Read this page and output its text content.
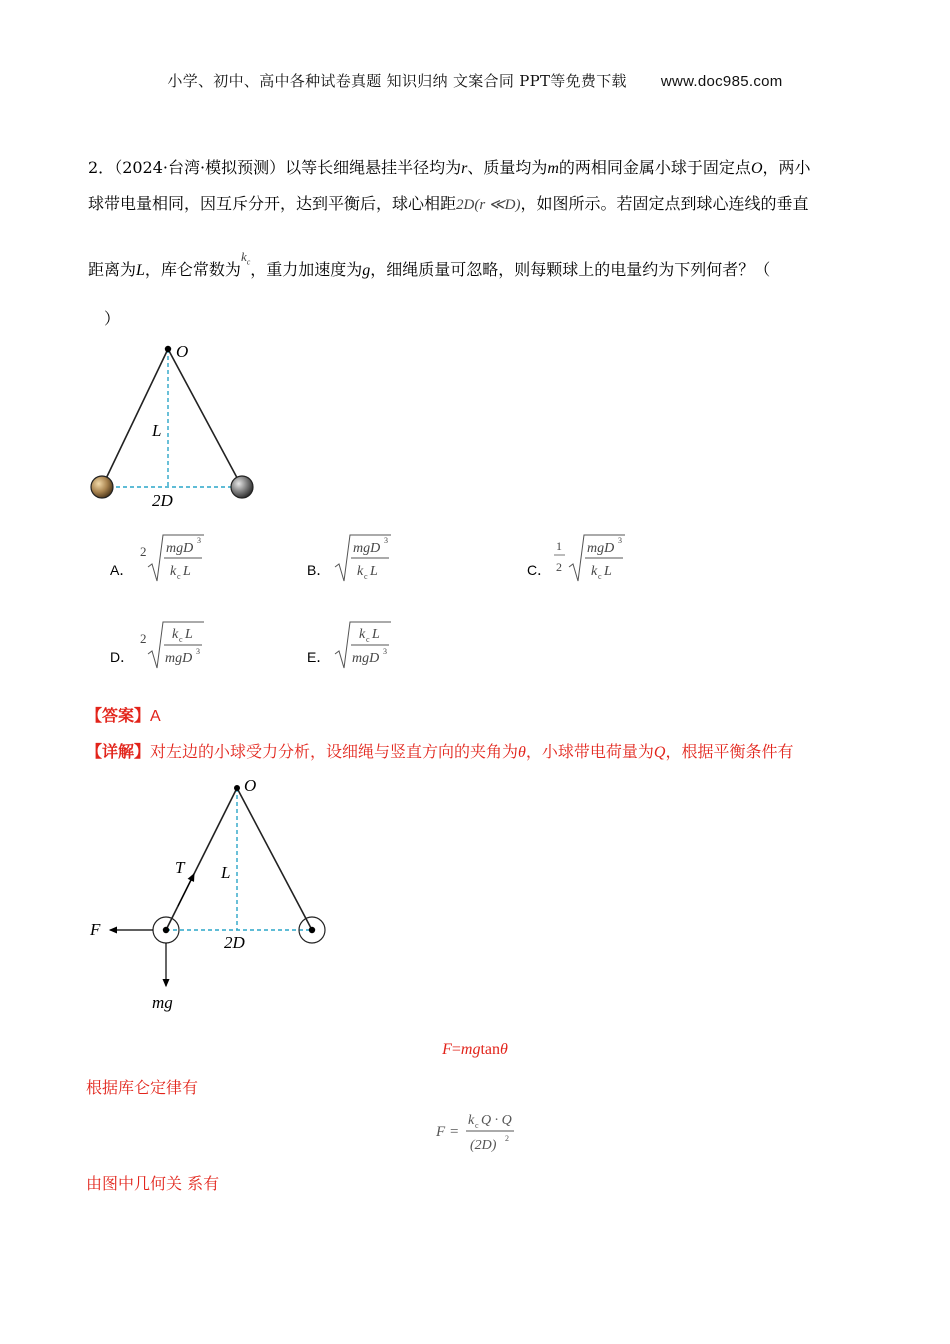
小学、初中、高中各种试卷真题 知识归纳 文案合同 PPT等免费下载 www.doc985.com
2．（2024·台湾·模拟预测）以等长细绳悬挂半径均为r、质量均为m的两相同金属小球于固定点O，两小
球带电量相同，因互斥分开，达到平衡后，球心相距2D(r ≪D)，如图所示。若固定点到球心连线的垂直
距离为L，库仑常数为$^{k_c}$，重力加速度为g，细绳质量可忽略，则每颗球上的电量约为下列何者？（
）
O
L
2D
A．
2 mgD
3
k c L	B．
mgD
3
k c L	C．
1
2
mgD
3
k c L
D．
2 k c L
mgD 3	E．
k c L
mgD 3
【答案】A
【详解】对左边的小球受力分析，设细绳与竖直方向的夹角为θ，小球带电荷量为Q，根据平衡条件有
O
T L
F
2D
mg
F=mgtanθ
根据库仑定律有
F =
k c Q · Q
(2D) 2
由图中几何关 系有
